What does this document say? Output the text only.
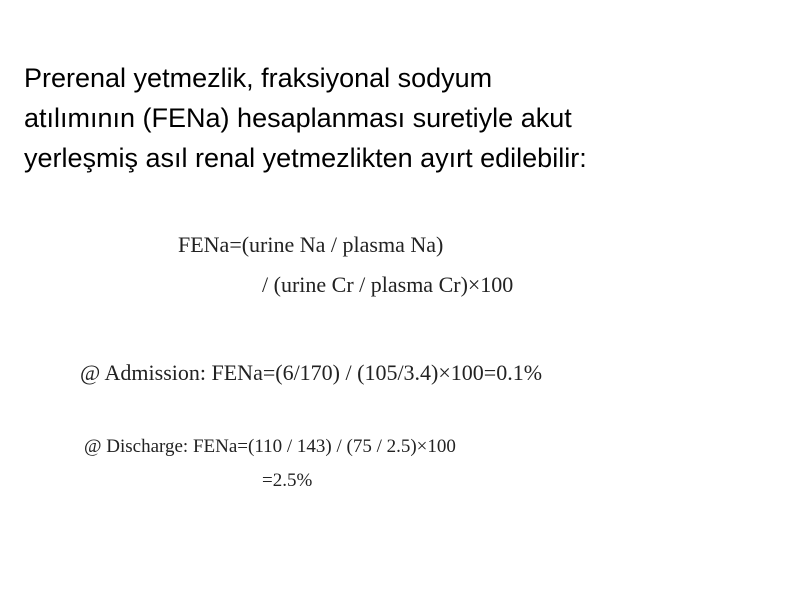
Prerenal yetmezlik, fraksiyonal sodyum
atılımının (FENa) hesaplanması suretiyle akut
yerleşmiş asıl renal yetmezlikten ayırt edilebilir:
FENa=(urine Na / plasma Na)
/ (urine Cr / plasma Cr)×100
@ Admission: FENa=(6/170) / (105/3.4)×100=0.1%
@ Discharge: FENa=(110 / 143) / (75 / 2.5)×100
=2.5%
